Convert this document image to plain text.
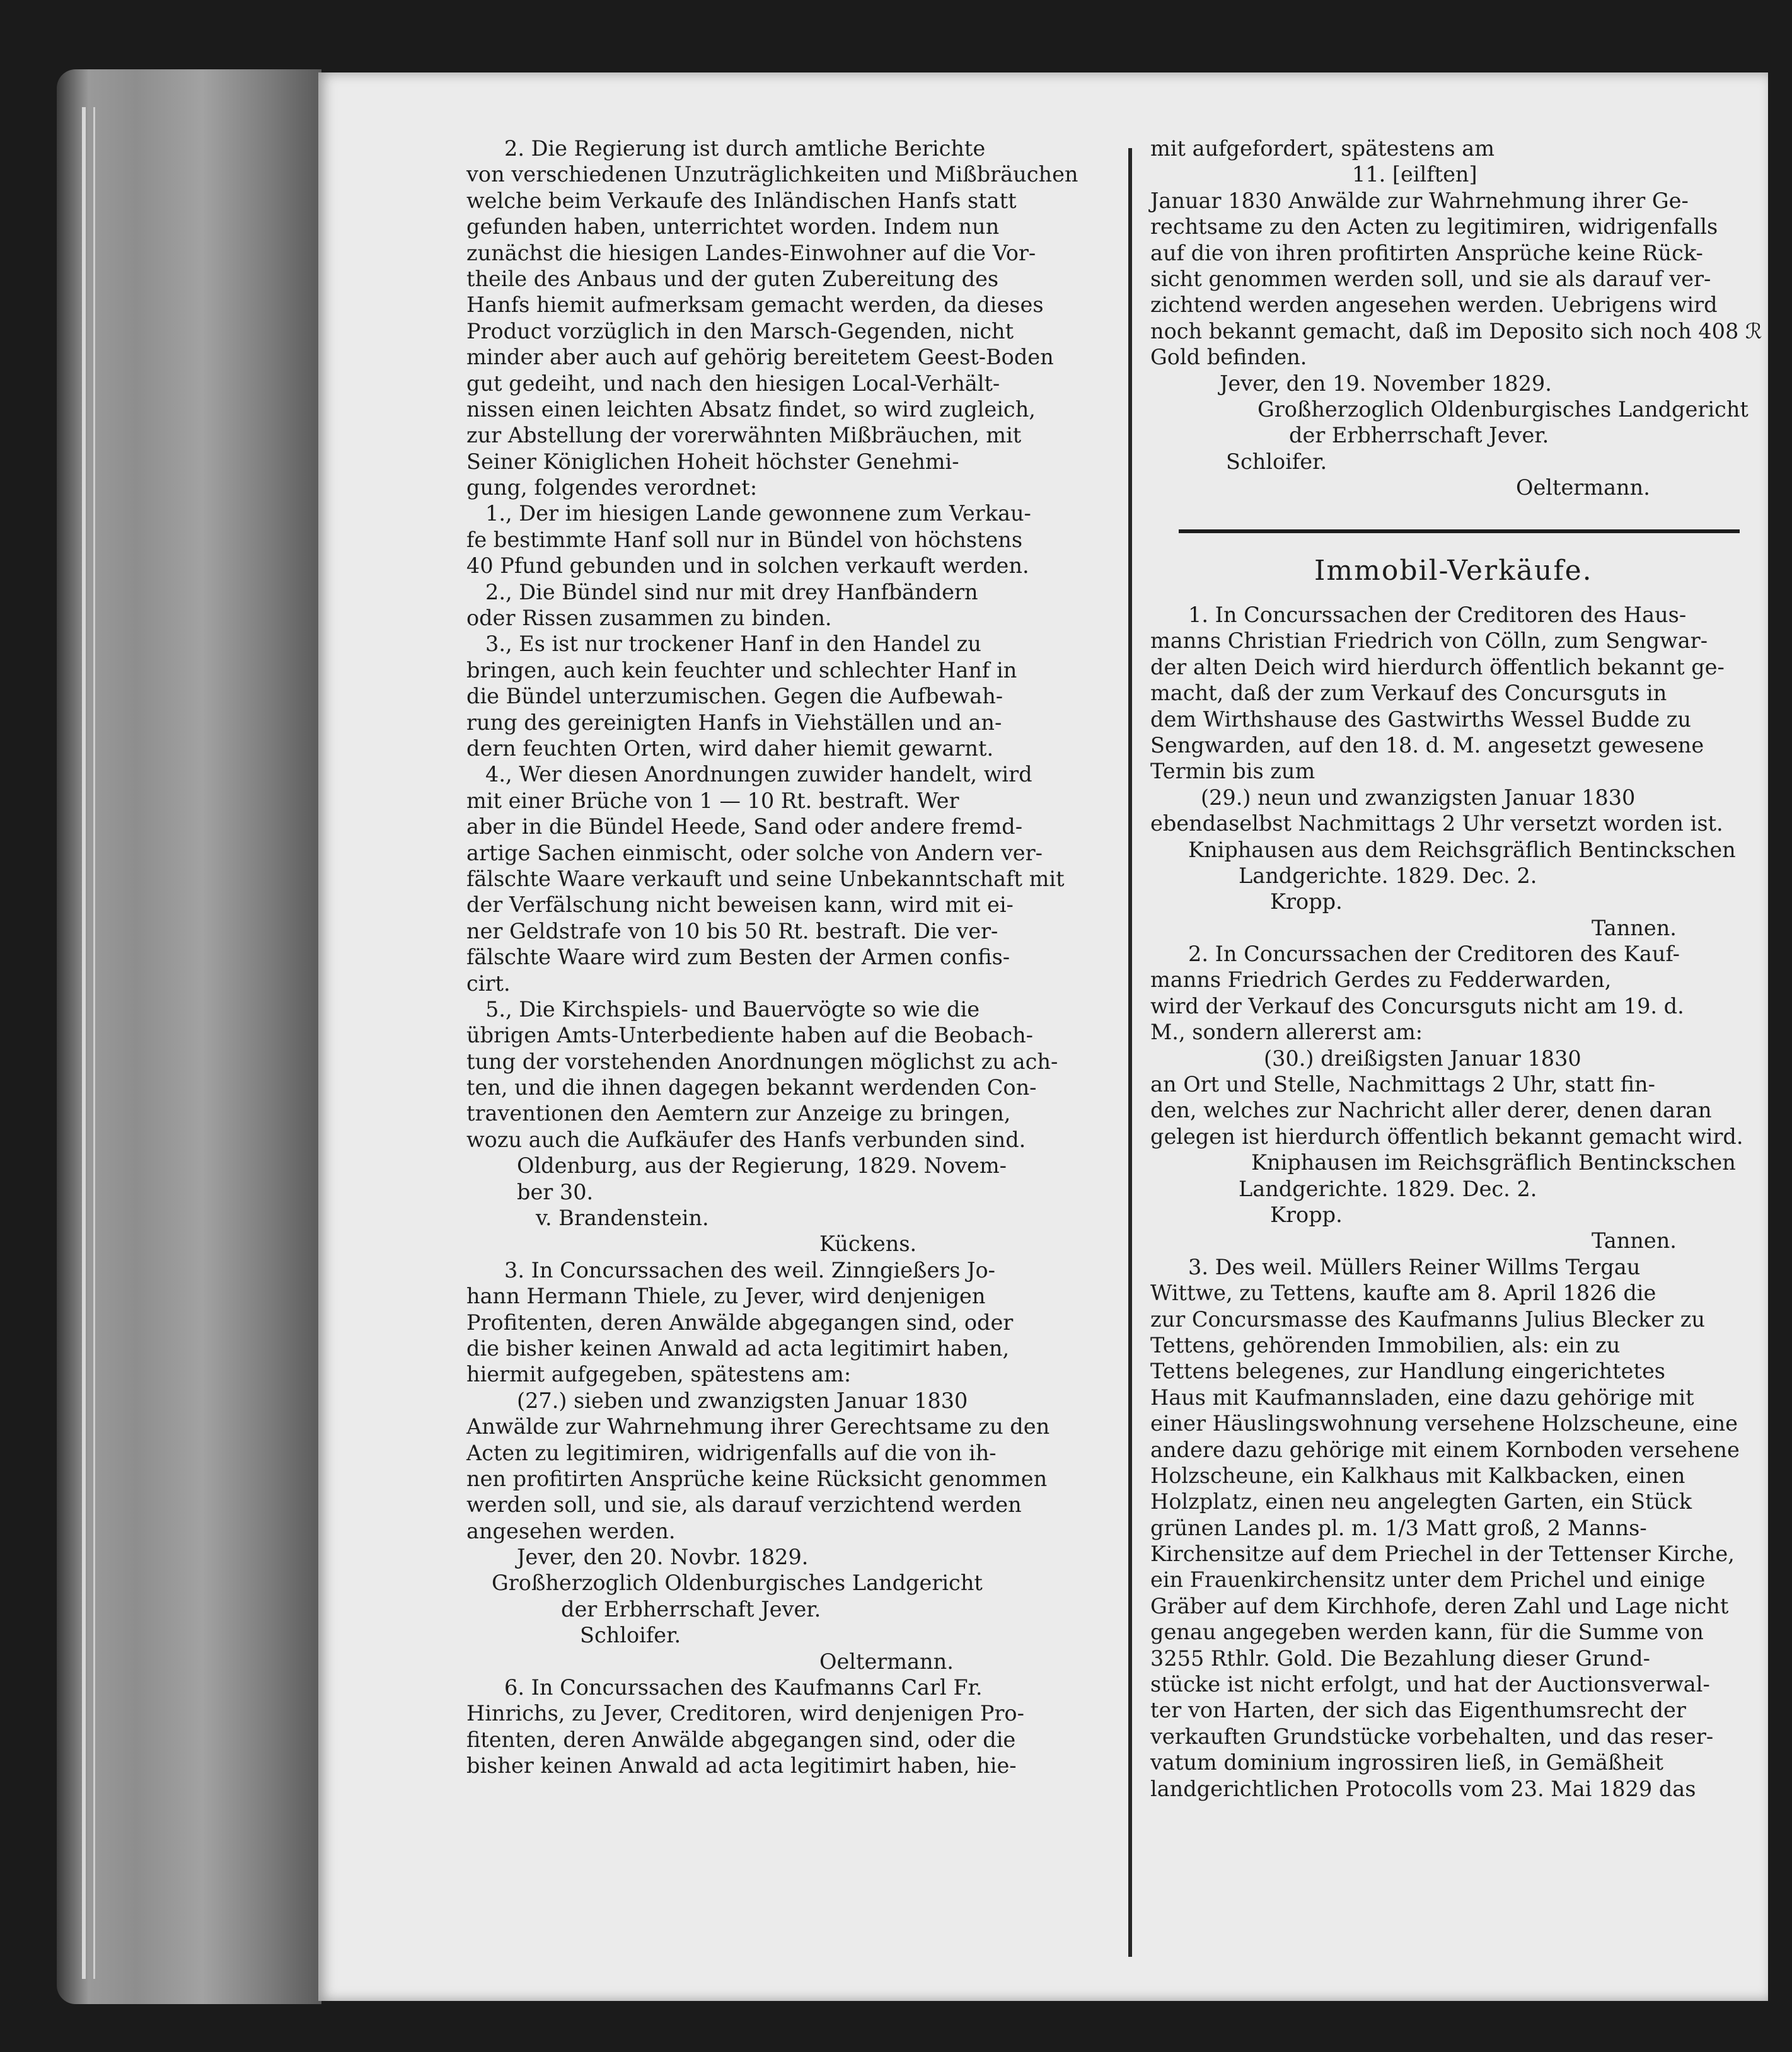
2. Die Regierung ist durch amtliche Berichte
von verschiedenen Unzuträglichkeiten und Mißbräuchen
welche beim Verkaufe des Inländischen Hanfs statt
gefunden haben, unterrichtet worden. Indem nun
zunächst die hiesigen Landes-Einwohner auf die Vor-
theile des Anbaus und der guten Zubereitung des
Hanfs hiemit aufmerksam gemacht werden, da dieses
Product vorzüglich in den Marsch-Gegenden, nicht
minder aber auch auf gehörig bereitetem Geest-Boden
gut gedeiht, und nach den hiesigen Local-Verhält-
nissen einen leichten Absatz findet, so wird zugleich,
zur Abstellung der vorerwähnten Mißbräuchen, mit
Seiner Königlichen Hoheit höchster Genehmi-
gung, folgendes verordnet:
1., Der im hiesigen Lande gewonnene zum Verkau-
fe bestimmte Hanf soll nur in Bündel von höchstens
40 Pfund gebunden und in solchen verkauft werden.
2., Die Bündel sind nur mit drey Hanfbändern
oder Rissen zusammen zu binden.
3., Es ist nur trockener Hanf in den Handel zu
bringen, auch kein feuchter und schlechter Hanf in
die Bündel unterzumischen. Gegen die Aufbewah-
rung des gereinigten Hanfs in Viehställen und an-
dern feuchten Orten, wird daher hiemit gewarnt.
4., Wer diesen Anordnungen zuwider handelt, wird
mit einer Brüche von 1 — 10 Rt. bestraft. Wer
aber in die Bündel Heede, Sand oder andere fremd-
artige Sachen einmischt, oder solche von Andern ver-
fälschte Waare verkauft und seine Unbekanntschaft mit
der Verfälschung nicht beweisen kann, wird mit ei-
ner Geldstrafe von 10 bis 50 Rt. bestraft. Die ver-
fälschte Waare wird zum Besten der Armen confis-
cirt.
5., Die Kirchspiels- und Bauervögte so wie die
übrigen Amts-Unterbediente haben auf die Beobach-
tung der vorstehenden Anordnungen möglichst zu ach-
ten, und die ihnen dagegen bekannt werdenden Con-
traventionen den Aemtern zur Anzeige zu bringen,
wozu auch die Aufkäufer des Hanfs verbunden sind.
Oldenburg, aus der Regierung, 1829. Novem-
ber 30.
v. Brandenstein.
Kückens.
3. In Concurssachen des weil. Zinngießers Jo-
hann Hermann Thiele, zu Jever, wird denjenigen
Profitenten, deren Anwälde abgegangen sind, oder
die bisher keinen Anwald ad acta legitimirt haben,
hiermit aufgegeben, spätestens am:
(27.) sieben und zwanzigsten Januar 1830
Anwälde zur Wahrnehmung ihrer Gerechtsame zu den
Acten zu legitimiren, widrigenfalls auf die von ih-
nen profitirten Ansprüche keine Rücksicht genommen
werden soll, und sie, als darauf verzichtend werden
angesehen werden.
Jever, den 20. Novbr. 1829.
Großherzoglich Oldenburgisches Landgericht
der Erbherrschaft Jever.
Schloifer.
Oeltermann.
6. In Concurssachen des Kaufmanns Carl Fr.
Hinrichs, zu Jever, Creditoren, wird denjenigen Pro-
fitenten, deren Anwälde abgegangen sind, oder die
bisher keinen Anwald ad acta legitimirt haben, hie-
mit aufgefordert, spätestens am
11. [eilften]
Januar 1830 Anwälde zur Wahrnehmung ihrer Ge-
rechtsame zu den Acten zu legitimiren, widrigenfalls
auf die von ihren profitirten Ansprüche keine Rück-
sicht genommen werden soll, und sie als darauf ver-
zichtend werden angesehen werden. Uebrigens wird
noch bekannt gemacht, daß im Deposito sich noch 408 ℛ
Gold befinden.
Jever, den 19. November 1829.
Großherzoglich Oldenburgisches Landgericht
der Erbherrschaft Jever.
Schloifer.
Oeltermann.
Immobil-Verkäufe.
1. In Concurssachen der Creditoren des Haus-
manns Christian Friedrich von Cölln, zum Sengwar-
der alten Deich wird hierdurch öffentlich bekannt ge-
macht, daß der zum Verkauf des Concursguts in
dem Wirthshause des Gastwirths Wessel Budde zu
Sengwarden, auf den 18. d. M. angesetzt gewesene
Termin bis zum
(29.) neun und zwanzigsten Januar 1830
ebendaselbst Nachmittags 2 Uhr versetzt worden ist.
Kniphausen aus dem Reichsgräflich Bentinckschen
Landgerichte. 1829. Dec. 2.
Kropp.
Tannen.
2. In Concurssachen der Creditoren des Kauf-
manns Friedrich Gerdes zu Fedderwarden,
wird der Verkauf des Concursguts nicht am 19. d.
M., sondern allererst am:
(30.) dreißigsten Januar 1830
an Ort und Stelle, Nachmittags 2 Uhr, statt fin-
den, welches zur Nachricht aller derer, denen daran
gelegen ist hierdurch öffentlich bekannt gemacht wird.
Kniphausen im Reichsgräflich Bentinckschen
Landgerichte. 1829. Dec. 2.
Kropp.
Tannen.
3. Des weil. Müllers Reiner Willms Tergau
Wittwe, zu Tettens, kaufte am 8. April 1826 die
zur Concursmasse des Kaufmanns Julius Blecker zu
Tettens, gehörenden Immobilien, als: ein zu
Tettens belegenes, zur Handlung eingerichtetes
Haus mit Kaufmannsladen, eine dazu gehörige mit
einer Häuslingswohnung versehene Holzscheune, eine
andere dazu gehörige mit einem Kornboden versehene
Holzscheune, ein Kalkhaus mit Kalkbacken, einen
Holzplatz, einen neu angelegten Garten, ein Stück
grünen Landes pl. m. 1/3 Matt groß, 2 Manns-
Kirchensitze auf dem Priechel in der Tettenser Kirche,
ein Frauenkirchensitz unter dem Prichel und einige
Gräber auf dem Kirchhofe, deren Zahl und Lage nicht
genau angegeben werden kann, für die Summe von
3255 Rthlr. Gold. Die Bezahlung dieser Grund-
stücke ist nicht erfolgt, und hat der Auctionsverwal-
ter von Harten, der sich das Eigenthumsrecht der
verkauften Grundstücke vorbehalten, und das reser-
vatum dominium ingrossiren ließ, in Gemäßheit
landgerichtlichen Protocolls vom 23. Mai 1829 das
